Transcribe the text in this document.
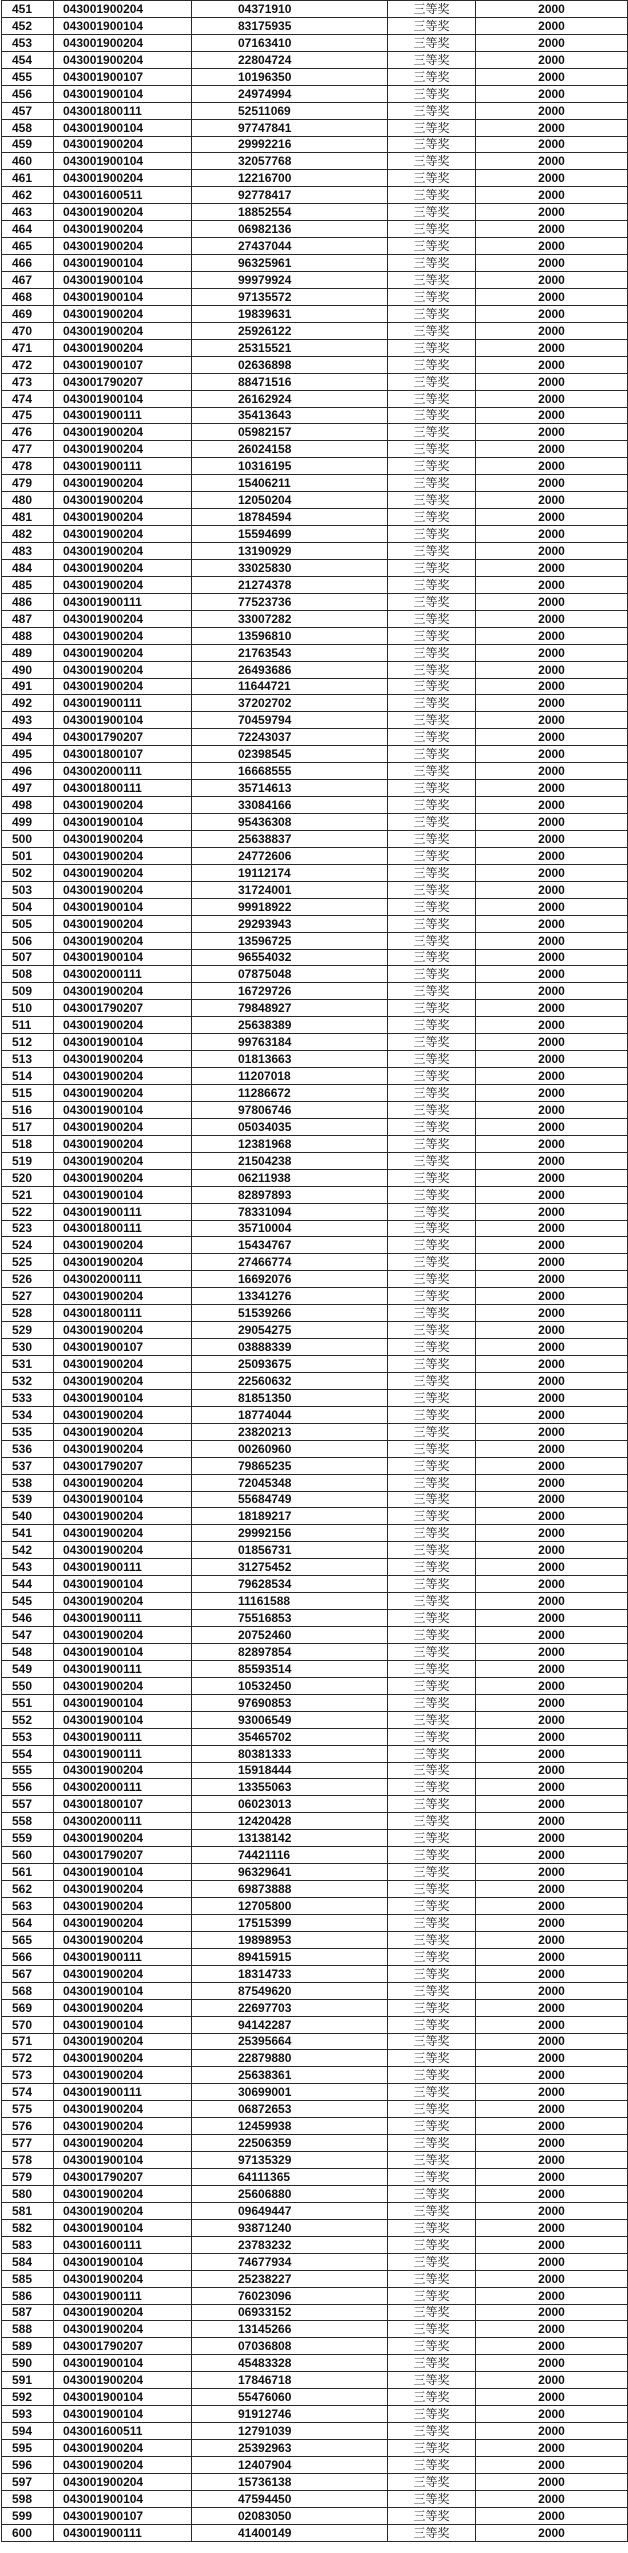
451	043001900204	04371910	三等奖	2000
452	043001900104	83175935	三等奖	2000
453	043001900204	07163410	三等奖	2000
454	043001900204	22804724	三等奖	2000
455	043001900107	10196350	三等奖	2000
456	043001900104	24974994	三等奖	2000
457	043001800111	52511069	三等奖	2000
458	043001900104	97747841	三等奖	2000
459	043001900204	29992216	三等奖	2000
460	043001900104	32057768	三等奖	2000
461	043001900204	12216700	三等奖	2000
462	043001600511	92778417	三等奖	2000
463	043001900204	18852554	三等奖	2000
464	043001900204	06982136	三等奖	2000
465	043001900204	27437044	三等奖	2000
466	043001900104	96325961	三等奖	2000
467	043001900104	99979924	三等奖	2000
468	043001900104	97135572	三等奖	2000
469	043001900204	19839631	三等奖	2000
470	043001900204	25926122	三等奖	2000
471	043001900204	25315521	三等奖	2000
472	043001900107	02636898	三等奖	2000
473	043001790207	88471516	三等奖	2000
474	043001900104	26162924	三等奖	2000
475	043001900111	35413643	三等奖	2000
476	043001900204	05982157	三等奖	2000
477	043001900204	26024158	三等奖	2000
478	043001900111	10316195	三等奖	2000
479	043001900204	15406211	三等奖	2000
480	043001900204	12050204	三等奖	2000
481	043001900204	18784594	三等奖	2000
482	043001900204	15594699	三等奖	2000
483	043001900204	13190929	三等奖	2000
484	043001900204	33025830	三等奖	2000
485	043001900204	21274378	三等奖	2000
486	043001900111	77523736	三等奖	2000
487	043001900204	33007282	三等奖	2000
488	043001900204	13596810	三等奖	2000
489	043001900204	21763543	三等奖	2000
490	043001900204	26493686	三等奖	2000
491	043001900204	11644721	三等奖	2000
492	043001900111	37202702	三等奖	2000
493	043001900104	70459794	三等奖	2000
494	043001790207	72243037	三等奖	2000
495	043001800107	02398545	三等奖	2000
496	043002000111	16668555	三等奖	2000
497	043001800111	35714613	三等奖	2000
498	043001900204	33084166	三等奖	2000
499	043001900104	95436308	三等奖	2000
500	043001900204	25638837	三等奖	2000
501	043001900204	24772606	三等奖	2000
502	043001900204	19112174	三等奖	2000
503	043001900204	31724001	三等奖	2000
504	043001900104	99918922	三等奖	2000
505	043001900204	29293943	三等奖	2000
506	043001900204	13596725	三等奖	2000
507	043001900104	96554032	三等奖	2000
508	043002000111	07875048	三等奖	2000
509	043001900204	16729726	三等奖	2000
510	043001790207	79848927	三等奖	2000
511	043001900204	25638389	三等奖	2000
512	043001900104	99763184	三等奖	2000
513	043001900204	01813663	三等奖	2000
514	043001900204	11207018	三等奖	2000
515	043001900204	11286672	三等奖	2000
516	043001900104	97806746	三等奖	2000
517	043001900204	05034035	三等奖	2000
518	043001900204	12381968	三等奖	2000
519	043001900204	21504238	三等奖	2000
520	043001900204	06211938	三等奖	2000
521	043001900104	82897893	三等奖	2000
522	043001900111	78331094	三等奖	2000
523	043001800111	35710004	三等奖	2000
524	043001900204	15434767	三等奖	2000
525	043001900204	27466774	三等奖	2000
526	043002000111	16692076	三等奖	2000
527	043001900204	13341276	三等奖	2000
528	043001800111	51539266	三等奖	2000
529	043001900204	29054275	三等奖	2000
530	043001900107	03888339	三等奖	2000
531	043001900204	25093675	三等奖	2000
532	043001900204	22560632	三等奖	2000
533	043001900104	81851350	三等奖	2000
534	043001900204	18774044	三等奖	2000
535	043001900204	23820213	三等奖	2000
536	043001900204	00260960	三等奖	2000
537	043001790207	79865235	三等奖	2000
538	043001900204	72045348	三等奖	2000
539	043001900104	55684749	三等奖	2000
540	043001900204	18189217	三等奖	2000
541	043001900204	29992156	三等奖	2000
542	043001900204	01856731	三等奖	2000
543	043001900111	31275452	三等奖	2000
544	043001900104	79628534	三等奖	2000
545	043001900204	11161588	三等奖	2000
546	043001900111	75516853	三等奖	2000
547	043001900204	20752460	三等奖	2000
548	043001900104	82897854	三等奖	2000
549	043001900111	85593514	三等奖	2000
550	043001900204	10532450	三等奖	2000
551	043001900104	97690853	三等奖	2000
552	043001900104	93006549	三等奖	2000
553	043001900111	35465702	三等奖	2000
554	043001900111	80381333	三等奖	2000
555	043001900204	15918444	三等奖	2000
556	043002000111	13355063	三等奖	2000
557	043001800107	06023013	三等奖	2000
558	043002000111	12420428	三等奖	2000
559	043001900204	13138142	三等奖	2000
560	043001790207	74421116	三等奖	2000
561	043001900104	96329641	三等奖	2000
562	043001900204	69873888	三等奖	2000
563	043001900204	12705800	三等奖	2000
564	043001900204	17515399	三等奖	2000
565	043001900204	19898953	三等奖	2000
566	043001900111	89415915	三等奖	2000
567	043001900204	18314733	三等奖	2000
568	043001900104	87549620	三等奖	2000
569	043001900204	22697703	三等奖	2000
570	043001900104	94142287	三等奖	2000
571	043001900204	25395664	三等奖	2000
572	043001900204	22879880	三等奖	2000
573	043001900204	25638361	三等奖	2000
574	043001900111	30699001	三等奖	2000
575	043001900204	06872653	三等奖	2000
576	043001900204	12459938	三等奖	2000
577	043001900204	22506359	三等奖	2000
578	043001900104	97135329	三等奖	2000
579	043001790207	64111365	三等奖	2000
580	043001900204	25606880	三等奖	2000
581	043001900204	09649447	三等奖	2000
582	043001900104	93871240	三等奖	2000
583	043001600111	23783232	三等奖	2000
584	043001900104	74677934	三等奖	2000
585	043001900204	25238227	三等奖	2000
586	043001900111	76023096	三等奖	2000
587	043001900204	06933152	三等奖	2000
588	043001900204	13145266	三等奖	2000
589	043001790207	07036808	三等奖	2000
590	043001900104	45483328	三等奖	2000
591	043001900204	17846718	三等奖	2000
592	043001900104	55476060	三等奖	2000
593	043001900104	91912746	三等奖	2000
594	043001600511	12791039	三等奖	2000
595	043001900204	25392963	三等奖	2000
596	043001900204	12407904	三等奖	2000
597	043001900204	15736138	三等奖	2000
598	043001900104	47594450	三等奖	2000
599	043001900107	02083050	三等奖	2000
600	043001900111	41400149	三等奖	2000
